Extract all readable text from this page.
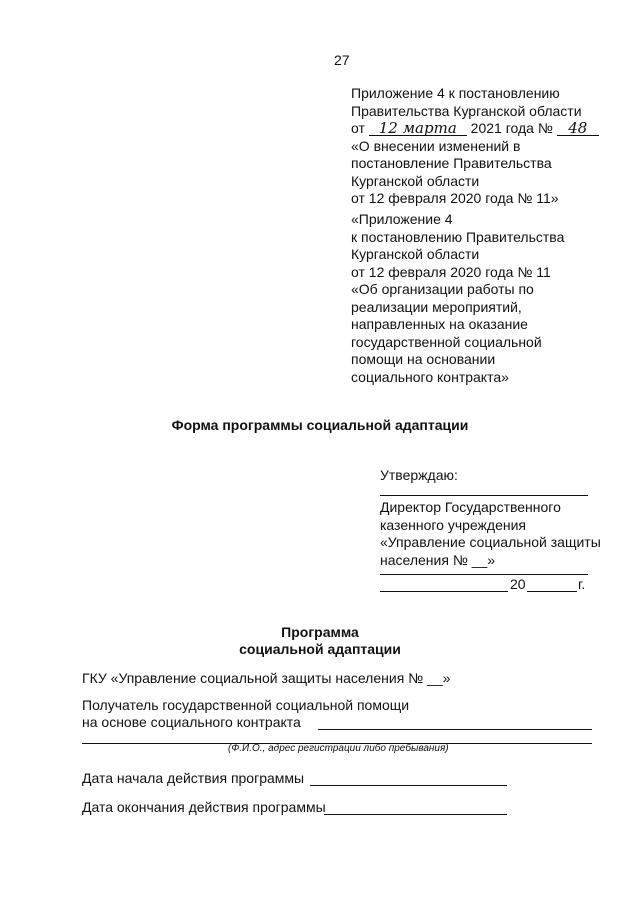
27
Приложение 4 к постановлению
Правительства Курганской области
от 12 марта 2021 года № 48
«О внесении изменений в
постановление Правительства
Курганской области
от 12 февраля 2020 года № 11»
«Приложение 4
к постановлению Правительства
Курганской области
от 12 февраля 2020 года № 11
«Об организации работы по
реализации мероприятий,
направленных на оказание
государственной социальной
помощи на основании
социального контракта»
Форма программы социальной адаптации
Утверждаю:
Директор Государственного
казенного учреждения
«Управление социальной защиты
населения № __»
20	г.
Программа
социальной адаптации
ГКУ «Управление социальной защиты населения № __»
Получатель государственной социальной помощи
на основе социального контракта
(Ф.И.О., адрес регистрации либо пребывания)
Дата начала действия программы
Дата окончания действия программы
